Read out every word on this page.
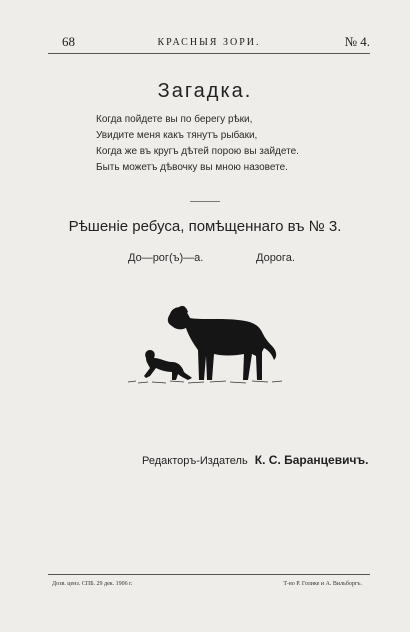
68	КРАСНЫЯ ЗОРИ.	№ 4.
Загадка.
Когда пойдете вы по берегу рѣки,
Увидите меня какъ тянутъ рыбаки,
Когда же въ кругъ дѣтей порою вы зайдете.
Быть можетъ дѣвочку вы мною назовете.
Рѣшеніе ребуса, помѣщеннаго въ № 3.
До—рог(ъ)—а.	Дорога.
Редакторъ-Издатель К. С. Баранцевичъ.
Дозв. ценз. СПБ. 29 дек. 1906 г.	Т-во Р. Голике и А. Вильборгъ.
